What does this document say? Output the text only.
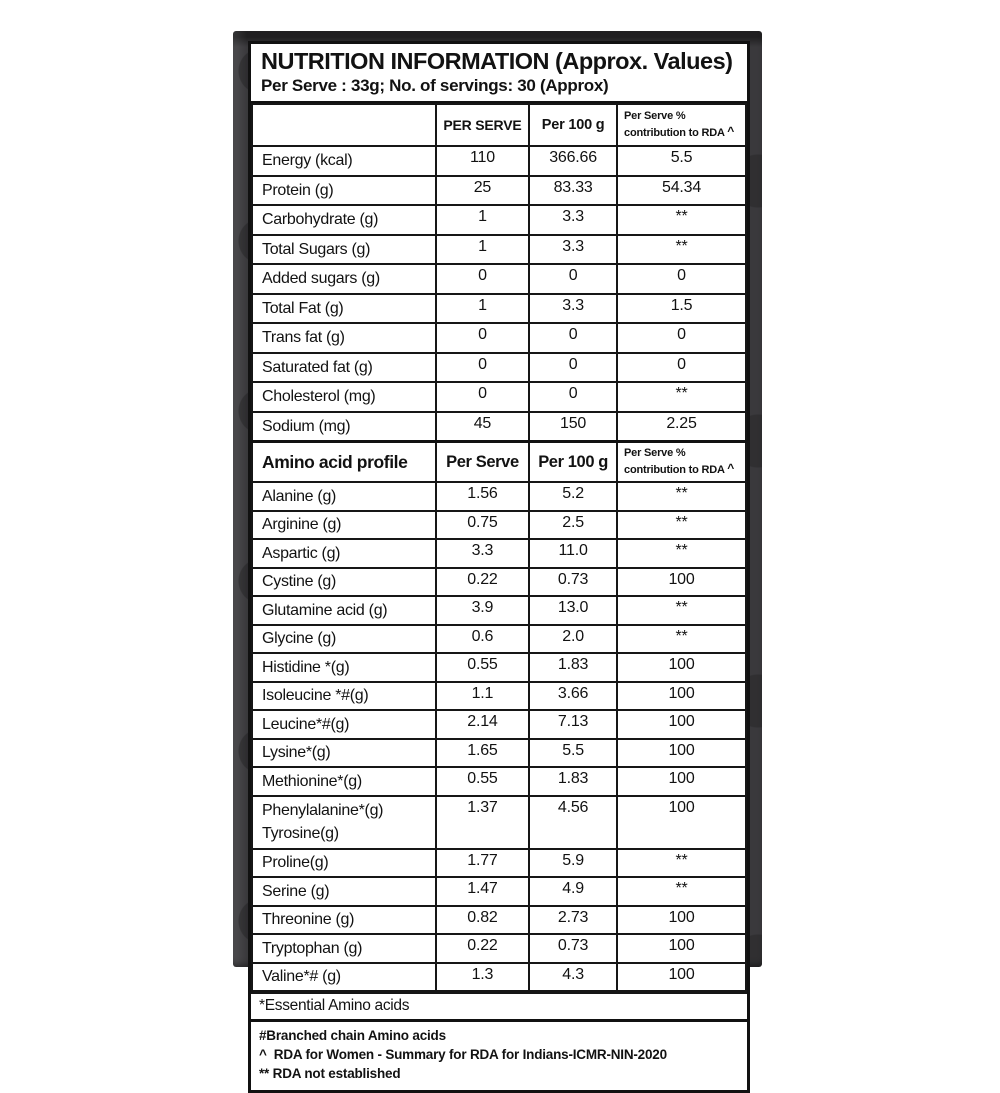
NUTRITION INFORMATION (Approx. Values)
Per Serve : 33g; No. of servings: 30 (Approx)
	PER SERVE	Per 100 g	Per Serve %
contribution to RDA ^
Energy (kcal)	110	366.66	5.5
Protein (g)	25	83.33	54.34
Carbohydrate (g)	1	3.3	**
Total Sugars (g)	1	3.3	**
Added sugars (g)	0	0	0
Total Fat (g)	1	3.3	1.5
Trans fat (g)	0	0	0
Saturated fat (g)	0	0	0
Cholesterol (mg)	0	0	**
Sodium (mg)	45	150	2.25
Amino acid profile	Per Serve	Per 100 g	Per Serve %
contribution to RDA ^
Alanine (g)	1.56	5.2	**
Arginine (g)	0.75	2.5	**
Aspartic (g)	3.3	11.0	**
Cystine (g)	0.22	0.73	100
Glutamine acid (g)	3.9	13.0	**
Glycine (g)	0.6	2.0	**
Histidine *(g)	0.55	1.83	100
Isoleucine *#(g)	1.1	3.66	100
Leucine*#(g)	2.14	7.13	100
Lysine*(g)	1.65	5.5	100
Methionine*(g)	0.55	1.83	100

Phenylalanine*(g)
Tyrosine(g)	1.37	4.56	100
Proline(g)	1.77	5.9	**
Serine (g)	1.47	4.9	**
Threonine (g)	0.82	2.73	100
Tryptophan (g)	0.22	0.73	100
Valine*# (g)	1.3	4.3	100
*Essential Amino acids
#Branched chain Amino acids
^  RDA for Women - Summary for RDA for Indians-ICMR-NIN-2020
** RDA not established
